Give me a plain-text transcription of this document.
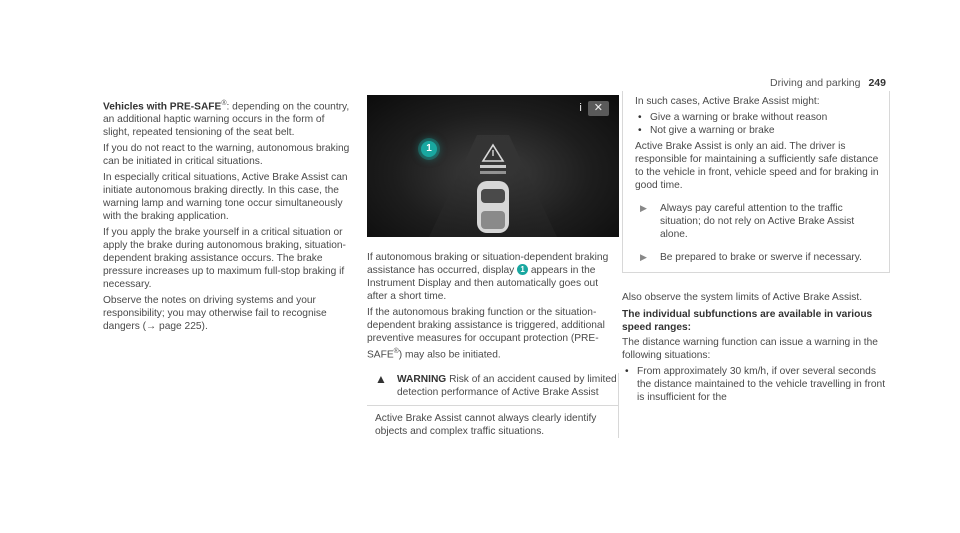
Driving and parking 249

Vehicles with PRE-SAFE®: depending on the country, an additional haptic warning occurs in the form of slight, repeated tensioning of the seat belt.

If you do not react to the warning, autonomous braking can be initiated in critical situations.

In especially critical situations, Active Brake Assist can initiate autonomous braking directly. In this case, the warning lamp and warning tone occur simultaneously with the braking application.

If you apply the brake yourself in a critical situation or apply the brake during autonomous braking, situation-dependent braking assistance occurs. The brake pressure increases up to maximum full-stop braking if necessary.

Observe the notes on driving systems and your responsibility; you may otherwise fail to recognise dangers (→ page 225).

i ✕
1

If autonomous braking or situation-dependent braking assistance has occurred, display 1 appears in the Instrument Display and then automatically goes out after a short time.

If the autonomous braking function or the situation-dependent braking assistance is triggered, additional preventive measures for occupant protection (PRE-SAFE®) may also be initiated.

▲ WARNING Risk of an accident caused by limited detection performance of Active Brake Assist
Active Brake Assist cannot always clearly identify objects and complex traffic situations.

In such cases, Active Brake Assist might:

• Give a warning or brake without reason
• Not give a warning or brake

Active Brake Assist is only an aid. The driver is responsible for maintaining a sufficiently safe distance to the vehicle in front, vehicle speed and for braking in good time.

▶	Always pay careful attention to the traffic situation; do not rely on Active Brake Assist alone.
▶	Be prepared to brake or swerve if necessary.

Also observe the system limits of Active Brake Assist.

The individual subfunctions are available in various speed ranges:

The distance warning function can issue a warning in the following situations:

• From approximately 30 km/h, if over several seconds the distance maintained to the vehicle travelling in front is insufficient for the
